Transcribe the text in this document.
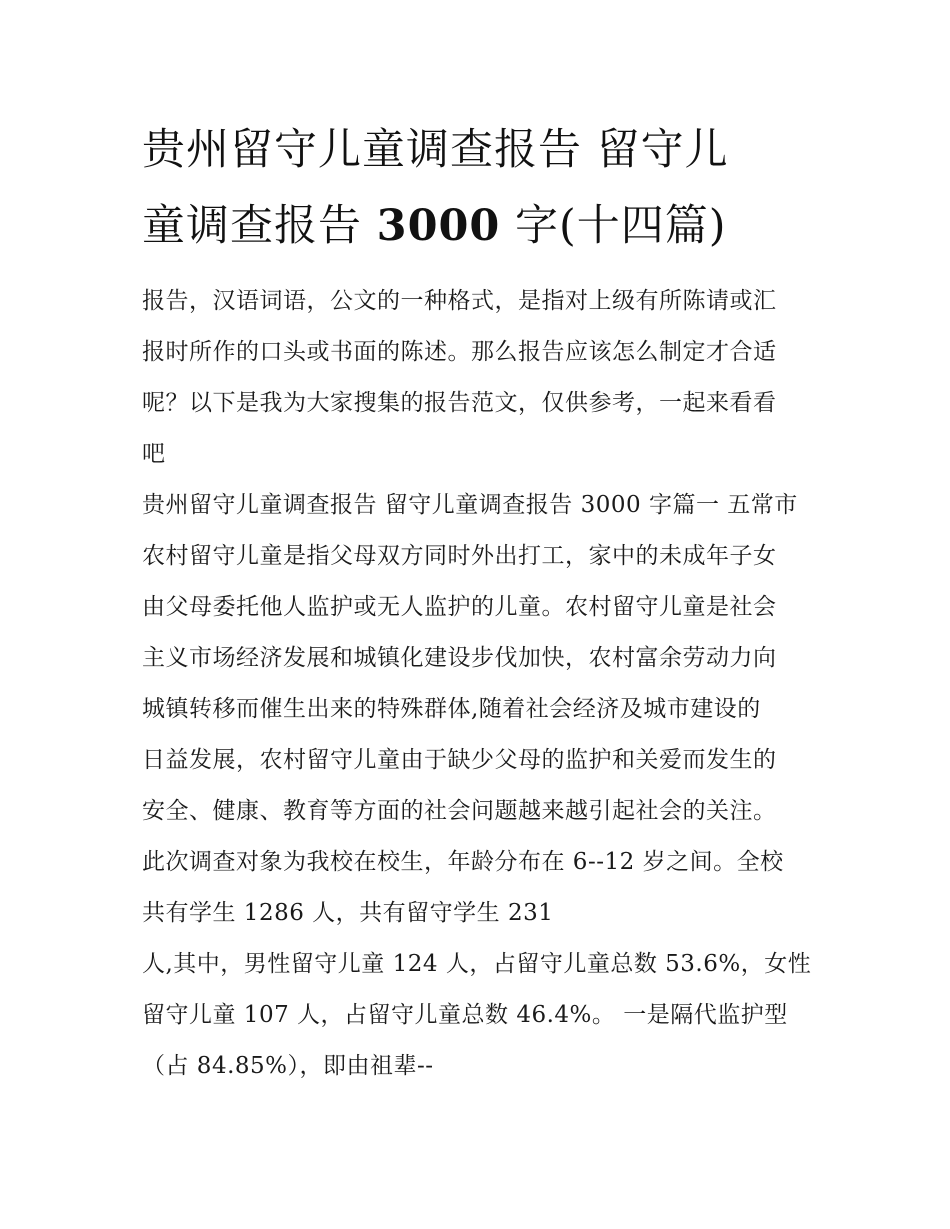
贵州留守儿童调查报告 留守儿
童调查报告 3000 字(十四篇)

报告，汉语词语，公文的一种格式，是指对上级有所陈请或汇
报时所作的口头或书面的陈述。那么报告应该怎么制定才合适
呢？以下是我为大家搜集的报告范文，仅供参考，一起来看看
吧

贵州留守儿童调查报告 留守儿童调查报告 3000 字篇一 五常市
农村留守儿童是指父母双方同时外出打工，家中的未成年子女
由父母委托他人监护或无人监护的儿童。农村留守儿童是社会
主义市场经济发展和城镇化建设步伐加快，农村富余劳动力向
城镇转移而催生出来的特殊群体,随着社会经济及城市建设的
日益发展，农村留守儿童由于缺少父母的监护和关爱而发生的
安全、健康、教育等方面的社会问题越来越引起社会的关注。
此次调查对象为我校在校生，年龄分布在 6--12 岁之间。全校
共有学生 1286 人，共有留守学生 231
人,其中，男性留守儿童 124 人，占留守儿童总数 53.6%，女性
留守儿童 107 人，占留守儿童总数 46.4%。 一是隔代监护型
（占 84.85%），即由祖辈--
